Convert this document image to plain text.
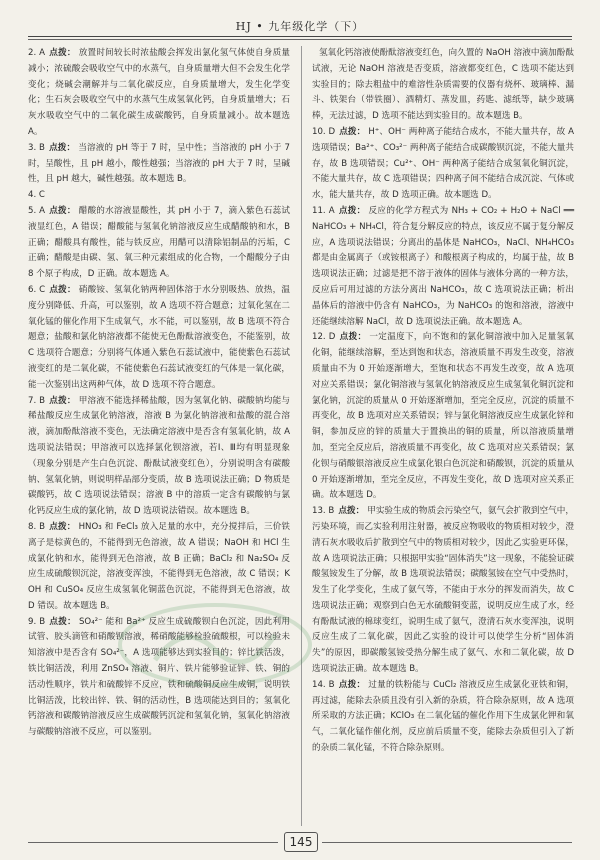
HJ • 九年级化学（下）
2. A 点拨： 放置时间较长时浓盐酸会挥发出氯化氢气体使自身质量减小；浓硫酸会吸收空气中的水蒸气，自身质量增大但不会发生化学变化；烧碱会潮解并与二氧化碳反应，自身质量增大，发生化学变化；生石灰会吸收空气中的水蒸气生成氢氧化钙，自身质量增大；石灰水吸收空气中的二氧化碳生成碳酸钙，自身质量减小。故本题选 A。
3. B 点拨： 当溶液的 pH 等于 7 时，呈中性；当溶液的 pH 小于 7 时，呈酸性，且 pH 越小，酸性越强；当溶液的 pH 大于 7 时，呈碱性，且 pH 越大，碱性越强。故本题选 B。
4. C
5. A 点拨： 醋酸的水溶液显酸性，其 pH 小于 7，滴入紫色石蕊试液显红色，A 错误；醋酸能与氢氧化钠溶液反应生成醋酸钠和水，B 正确；醋酸具有酸性，能与铁反应，用醋可以清除铝制品的污垢，C 正确；醋酸是由碳、氢、氧三种元素组成的化合物，一个醋酸分子由 8 个原子构成，D 正确。故本题选 A。
6. C 点拨： 硝酸铵、氢氧化钠两种固体溶于水分别吸热、放热，温度分别降低、升高，可以鉴别，故 A 选项不符合题意；过氧化氢在二氧化锰的催化作用下生成氧气，水不能，可以鉴别，故 B 选项不符合题意；盐酸和氯化钠溶液都不能使无色酚酞溶液变色，不能鉴别，故 C 选项符合题意；分别将气体通入紫色石蕊试液中，能使紫色石蕊试液变红的是二氧化碳，不能使紫色石蕊试液变红的气体是一氧化碳，能一次鉴别出这两种气体，故 D 选项不符合题意。
7. B 点拨： 甲溶液不能选择稀盐酸，因为氢氧化钠、碳酸钠均能与稀盐酸反应生成氯化钠溶液，溶液 B 为氯化钠溶液和盐酸的混合溶液，滴加酚酞溶液不变色，无法确定溶液中是否含有氢氧化钠，故 A 选项说法错误；甲溶液可以选择氯化钡溶液，若Ⅰ、Ⅲ均有明显现象（现象分别是产生白色沉淀、酚酞试液变红色），分别说明含有碳酸钠、氢氧化钠，则说明样品部分变质，故 B 选项说法正确；D 物质是碳酸钙，故 C 选项说法错误；溶液 B 中的溶质一定含有碳酸钠与氯化钙反应生成的氯化钠，故 D 选项说法错误。故本题选 B。
8. B 点拨： HNO₃ 和 FeCl₃ 放入足量的水中，充分搅拌后，三价铁离子是棕黄色的，不能得到无色溶液，故 A 错误；NaOH 和 HCl 生成氯化钠和水，能得到无色溶液，故 B 正确；BaCl₂ 和 Na₂SO₄ 反应生成硫酸钡沉淀，溶液变浑浊，不能得到无色溶液，故 C 错误；KOH 和 CuSO₄ 反应生成氢氧化铜蓝色沉淀，不能得到无色溶液，故 D 错误。故本题选 B。
9. B 点拨： SO₄²⁻ 能和 Ba²⁺ 反应生成硫酸钡白色沉淀，因此利用试管、胶头滴管和硝酸钡溶液，稀硝酸能够检验硫酸根，可以检验未知溶液中是否含有 SO₄²⁻，A 选项能够达到实验目的；锌比铁活泼，铁比铜活泼，利用 ZnSO₄ 溶液、铜片、铁片能够验证锌、铁、铜的活动性顺序，铁片和硫酸锌不反应，铁和硫酸铜反应生成铜，说明铁比铜活泼，比较出锌、铁、铜的活动性，B 选项能达到目的；氢氧化钙溶液和碳酸钠溶液反应生成碳酸钙沉淀和氢氧化钠，氢氧化钠溶液与碳酸钠溶液不反应，可以鉴别。
氢氧化钙溶液使酚酞溶液变红色，向久置的 NaOH 溶液中滴加酚酞试液，无论 NaOH 溶液是否变质，溶液都变红色，C 选项不能达到实验目的；除去粗盐中的难溶性杂质需要的仪器有烧杯、玻璃棒、漏斗、铁架台（带铁圈）、酒精灯、蒸发皿，药匙、滤纸等，缺少玻璃棒，无法过滤，D 选项不能达到实验目的。故本题选 B。
10. D 点拨： H⁺、OH⁻ 两种离子能结合成水，不能大量共存，故 A 选项错误；Ba²⁺、CO₃²⁻ 两种离子能结合成碳酸钡沉淀，不能大量共存，故 B 选项错误；Cu²⁺、OH⁻ 两种离子能结合成氢氧化铜沉淀，不能大量共存，故 C 选项错误；四种离子间不能结合成沉淀、气体或水，能大量共存，故 D 选项正确。故本题选 D。
11. A 点拨： 反应的化学方程式为 NH₃ + CO₂ + H₂O + NaCl ══ NaHCO₃ + NH₄Cl，符合复分解反应的特点，该反应不属于复分解反应，A 选项说法错误；分离出的晶体是 NaHCO₃，NaCl、NH₄HCO₃ 都是由金属离子（或铵根离子）和酸根离子构成的，均属于盐，故 B 选项说法正确；过滤是把不溶于液体的固体与液体分离的一种方法，反应后可用过滤的方法分离出 NaHCO₃，故 C 选项说法正确；析出晶体后的溶液中仍含有 NaHCO₃，为 NaHCO₃ 的饱和溶液，溶液中还能继续溶解 NaCl，故 D 选项说法正确。故本题选 A。
12. D 点拨： 一定温度下，向不饱和的氯化铜溶液中加入足量氢氧化铜，能继续溶解，至达到饱和状态，溶液质量不再发生改变，溶液质量由不为 0 开始逐渐增大，至饱和状态不再发生改变，故 A 选项对应关系错误；氯化铜溶液与氢氧化钠溶液反应生成氢氧化铜沉淀和氯化钠，沉淀的质量从 0 开始逐渐增加，至完全反应，沉淀的质量不再变化，故 B 选项对应关系错误；锌与氯化铜溶液反应生成氯化锌和铜，参加反应的锌的质量大于置换出的铜的质量，所以溶液质量增加，至完全反应后，溶液质量不再变化，故 C 选项对应关系错误；氯化钡与硝酸银溶液反应生成氯化银白色沉淀和硝酸钡，沉淀的质量从 0 开始逐渐增加，至完全反应，不再发生变化，故 D 选项对应关系正确。故本题选 D。
13. B 点拨： 甲实验生成的物质会污染空气，氨气会扩散到空气中，污染环境，而乙实验利用注射器，被反应物吸收的物质相对较少，澄清石灰水吸收后扩散到空气中的物质相对较少，因此乙实验更环保，故 A 选项说法正确；只根据甲实验“固体消失”这一现象，不能验证碳酸氢铵发生了分解，故 B 选项说法错误；碳酸氢铵在空气中受热时，发生了化学变化，生成了氨气等，不能由于水分的挥发而消失，故 C 选项说法正确；观察到白色无水硫酸铜变蓝，说明反应生成了水，经有酚酞试液的棉球变红，说明生成了氨气，澄清石灰水变浑浊，说明反应生成了二氧化碳，因此乙实验的设计可以使学生分析“固体消失”的原因，即碳酸氢铵受热分解生成了氨气、水和二氧化碳，故 D 选项说法正确。故本题选 B。
14. B 点拨： 过量的铁粉能与 CuCl₂ 溶液反应生成氯化亚铁和铜，再过滤，能除去杂质且没有引入新的杂质，符合除杂原则，故 A 选项所采取的方法正确；KClO₃ 在二氧化锰的催化作用下生成氯化钾和氧气，二氧化锰作催化剂，反应前后质量不变，能除去杂质但引入了新的杂质二氧化锰，不符合除杂原则。
145
